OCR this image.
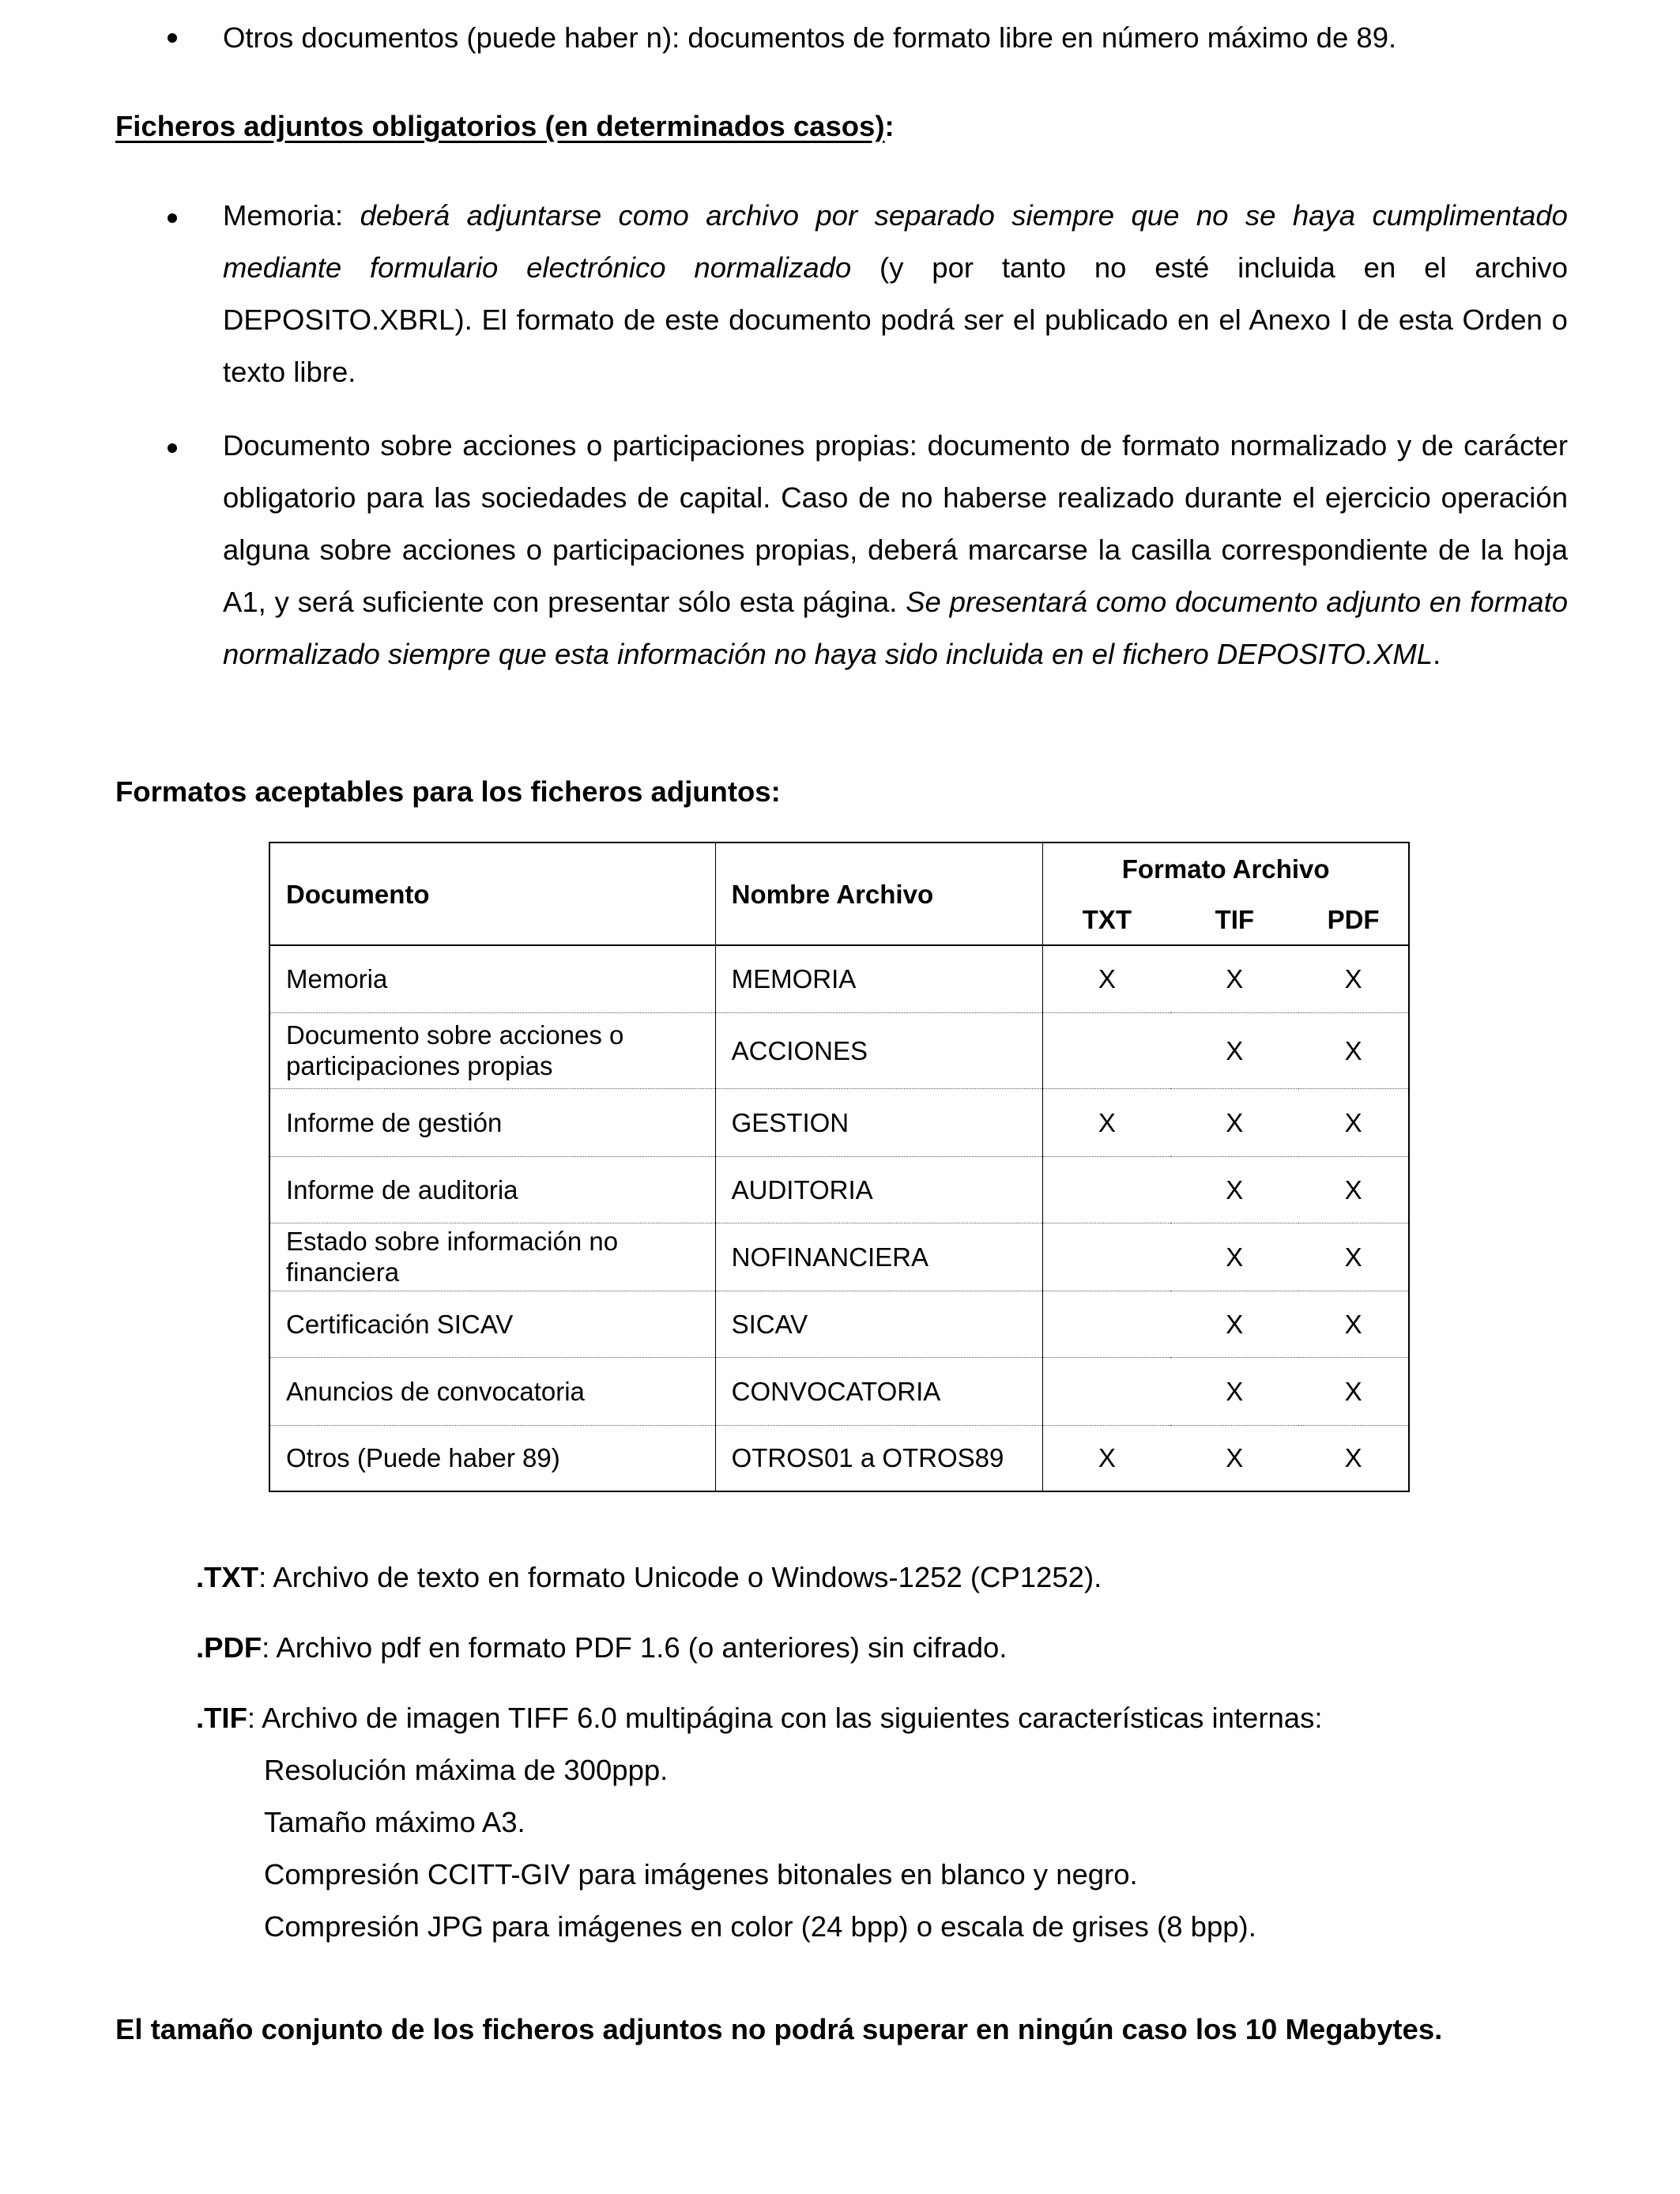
Otros documentos (puede haber n): documentos de formato libre en número máximo de 89.
Ficheros adjuntos obligatorios (en determinados casos):
Memoria: deberá adjuntarse como archivo por separado siempre que no se haya cumplimentado mediante formulario electrónico normalizado (y por tanto no esté incluida en el archivo DEPOSITO.XBRL). El formato de este documento podrá ser el publicado en el Anexo I de esta Orden o texto libre.
Documento sobre acciones o participaciones propias: documento de formato normalizado y de carácter obligatorio para las sociedades de capital. Caso de no haberse realizado durante el ejercicio operación alguna sobre acciones o participaciones propias, deberá marcarse la casilla correspondiente de la hoja A1, y será suficiente con presentar sólo esta página. Se presentará como documento adjunto en formato normalizado siempre que esta información no haya sido incluida en el fichero DEPOSITO.XML.
Formatos aceptables para los ficheros adjuntos:
Documento	Nombre Archivo	Formato Archivo		
		TXT	TIF	PDF
Memoria	MEMORIA	X	X	X
Documento sobre acciones o participaciones propias	ACCIONES		X	X
Informe de gestión	GESTION	X	X	X
Informe de auditoria	AUDITORIA		X	X
Estado sobre información no financiera	NOFINANCIERA		X	X
Certificación SICAV	SICAV		X	X
Anuncios de convocatoria	CONVOCATORIA		X	X
Otros (Puede haber 89)	OTROS01 a OTROS89	X	X	X
.TXT: Archivo de texto en formato Unicode o Windows-1252 (CP1252).
.PDF: Archivo pdf en formato PDF 1.6 (o anteriores) sin cifrado.
.TIF: Archivo de imagen TIFF 6.0 multipágina con las siguientes características internas:
Resolución máxima de 300ppp.
Tamaño máximo A3.
Compresión CCITT-GIV para imágenes bitonales en blanco y negro.
Compresión JPG para imágenes en color (24 bpp) o escala de grises (8 bpp).
El tamaño conjunto de los ficheros adjuntos no podrá superar en ningún caso los 10 Megabytes.
